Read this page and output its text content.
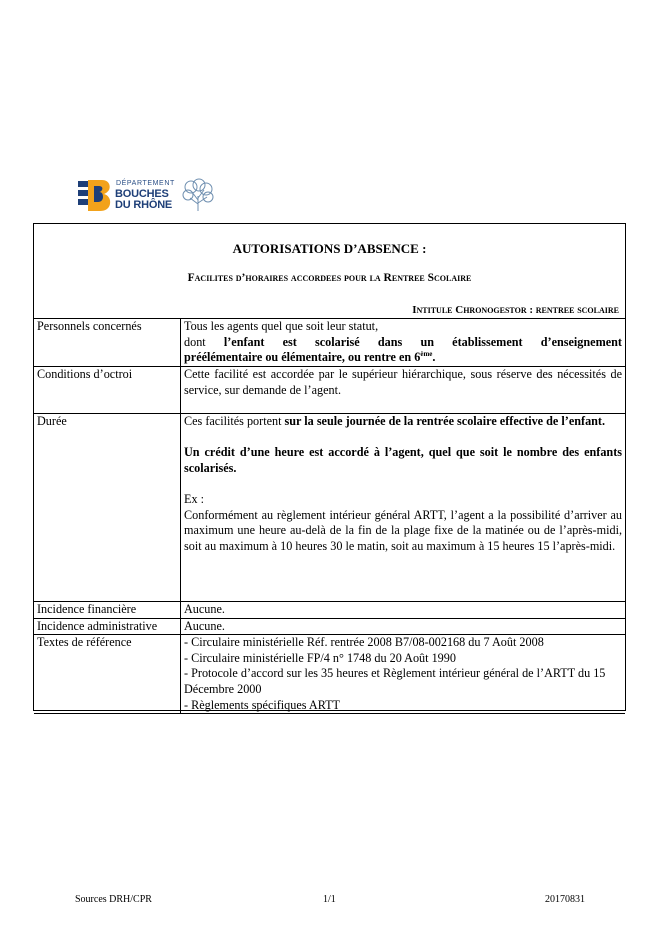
DÉPARTEMENT
BOUCHES
DU RHÔNE
AUTORISATIONS D’ABSENCE :
Facilites d’horaires accordees pour la Rentree Scolaire
Intitule Chronogestor : rentree scolaire
Personnels concernés	Tous les agents quel que soit leur statut,

dont l’enfant est scolarisé dans un établissement d’enseignement

préélémentaire ou élémentaire, ou rentre en 6ème.

Conditions d’octroi	Cette facilité est accordée par le supérieur hiérarchique, sous réserve des nécessités de service, sur demande de l’agent.
Durée	Ces facilités portent sur la seule journée de la rentrée scolaire effective de l’enfant.

Un crédit d’une heure est accordé à l’agent, quel que soit le nombre des enfants scolarisés.

Ex :

Conformément au règlement intérieur général ARTT, l’agent a la possibilité d’arriver au maximum une heure au-delà de la fin de la plage fixe de la matinée ou de l’après-midi, soit au maximum à 10 heures 30 le matin, soit au maximum à 15 heures 15 l’après-midi.

Incidence financière	Aucune.
Incidence administrative	Aucune.
Textes de référence	- Circulaire ministérielle Réf. rentrée 2008 B7/08-002168 du 7 Août 2008

- Circulaire ministérielle FP/4 n° 1748 du 20 Août 1990

- Protocole d’accord sur les 35 heures et Règlement intérieur général de l’ARTT du 15 Décembre 2000

- Règlements spécifiques ARTT

Sources DRH/CPR	1/1	20170831
